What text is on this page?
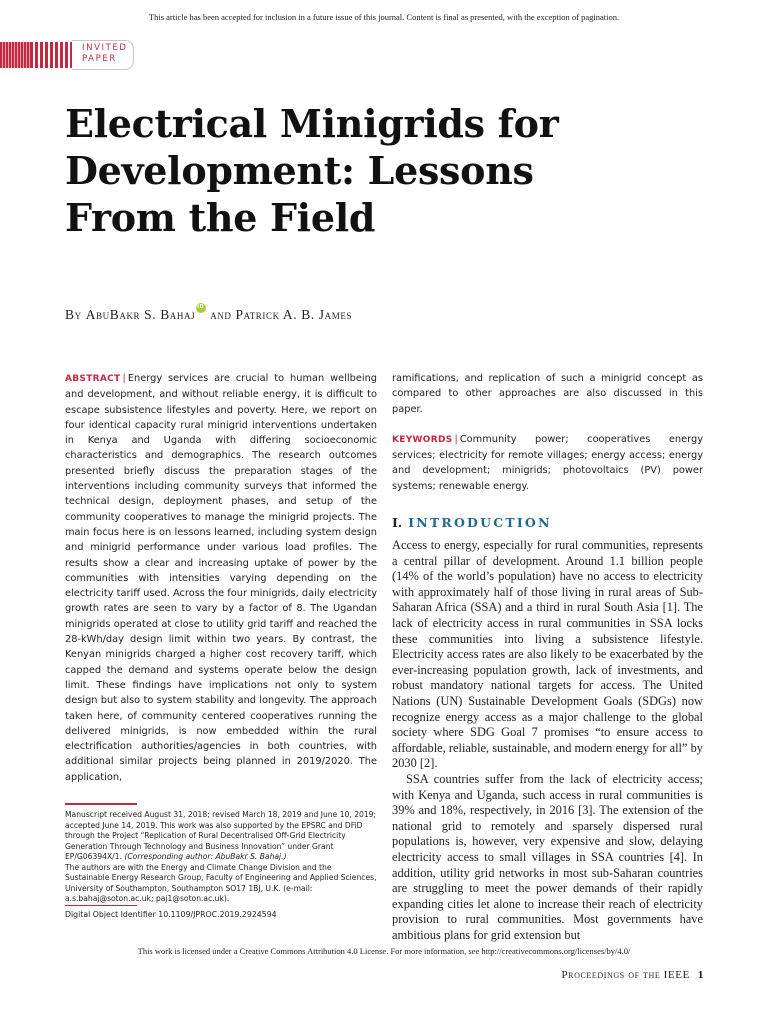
This article has been accepted for inclusion in a future issue of this journal. Content is final as presented, with the exception of pagination.
INVITED
PAPER
Electrical Minigrids for Development: Lessons From the Field
By AbuBakr S. BahajiD and Patrick A. B. James

ABSTRACT | Energy services are crucial to human wellbeing and development, and without reliable energy, it is difficult to escape subsistence lifestyles and poverty. Here, we report on four identical capacity rural minigrid interventions undertaken in Kenya and Uganda with differing socioeconomic characteristics and demographics. The research outcomes presented briefly discuss the preparation stages of the interventions including community surveys that informed the technical design, deployment phases, and setup of the community cooperatives to manage the minigrid projects. The main focus here is on lessons learned, including system design and minigrid performance under various load profiles. The results show a clear and increasing uptake of power by the communities with intensities varying depending on the electricity tariff used. Across the four minigrids, daily electricity growth rates are seen to vary by a factor of 8. The Ugandan minigrids operated at close to utility grid tariff and reached the 28-kWh/day design limit within two years. By contrast, the Kenyan minigrids charged a higher cost recovery tariff, which capped the demand and systems operate below the design limit. These findings have implications not only to system design but also to system stability and longevity. The approach taken here, of community centered cooperatives running the delivered minigrids, is now embedded within the rural electrification authorities/agencies in both countries, with additional similar projects being planned in 2019/2020. The application,

Manuscript received August 31, 2018; revised March 18, 2019 and June 10, 2019; accepted June 14, 2019. This work was also supported by the EPSRC and DFiD through the Project “Replication of Rural Decentralised Off-Grid Electricity Generation Through Technology and Business Innovation” under Grant EP/G06394X/1. (Corresponding author: AbuBakr S. Bahaj.)

The authors are with the Energy and Climate Change Division and the Sustainable Energy Research Group, Faculty of Engineering and Applied Sciences, University of Southampton, Southampton SO17 1BJ, U.K. (e-mail: a.s.bahaj@soton.ac.uk; paj1@soton.ac.uk).

Digital Object Identifier 10.1109/JPROC.2019.2924594

ramifications, and replication of such a minigrid concept as compared to other approaches are also discussed in this paper.

KEYWORDS | Community power; cooperatives energy services; electricity for remote villages; energy access; energy and development; minigrids; photovoltaics (PV) power systems; renewable energy.

I. INTRODUCTION

Access to energy, especially for rural communities, represents a central pillar of development. Around 1.1 billion people (14% of the world’s population) have no access to electricity with approximately half of those living in rural areas of Sub-Saharan Africa (SSA) and a third in rural South Asia [1]. The lack of electricity access in rural communities in SSA locks these communities into living a subsistence lifestyle. Electricity access rates are also likely to be exacerbated by the ever-increasing population growth, lack of investments, and robust mandatory national targets for access. The United Nations (UN) Sustainable Development Goals (SDGs) now recognize energy access as a major challenge to the global society where SDG Goal 7 promises “to ensure access to affordable, reliable, sustainable, and modern energy for all” by 2030 [2].

SSA countries suffer from the lack of electricity access; with Kenya and Uganda, such access in rural communities is 39% and 18%, respectively, in 2016 [3]. The extension of the national grid to remotely and sparsely dispersed rural populations is, however, very expensive and slow, delaying electricity access to small villages in SSA countries [4]. In addition, utility grid networks in most sub-Saharan countries are struggling to meet the power demands of their rapidly expanding cities let alone to increase their reach of electricity provision to rural communities. Most governments have ambitious plans for grid extension but

This work is licensed under a Creative Commons Attribution 4.0 License. For more information, see http://creativecommons.org/licenses/by/4.0/
Proceedings of the IEEE 1
